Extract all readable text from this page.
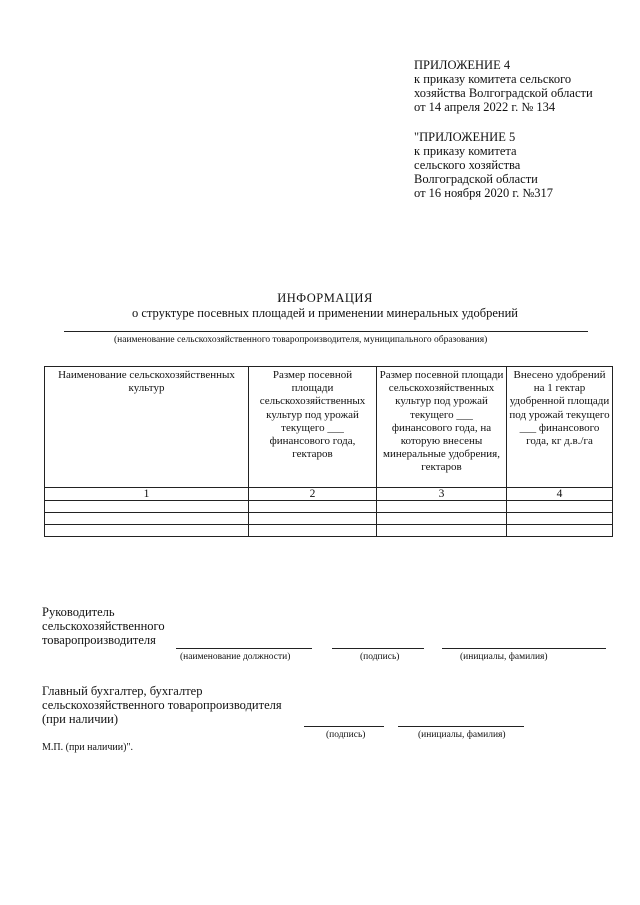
ПРИЛОЖЕНИЕ 4
к приказу комитета сельского
хозяйства Волгоградской области
от 14 апреля 2022 г. № 134
"ПРИЛОЖЕНИЕ 5
к приказу комитета
сельского хозяйства
Волгоградской области
от 16 ноября 2020 г. №317
ИНФОРМАЦИЯ
о структуре посевных площадей и применении минеральных удобрений
(наименование сельскохозяйственного товаропроизводителя, муниципального образования)
Наименование сельскохозяйственных культур	Размер посевной площади сельскохозяйственных культур под урожай текущего ___ финансового года, гектаров	Размер посевной площади сельскохозяйственных культур под урожай текущего ___ финансового года, на которую внесены минеральные удобрения, гектаров	Внесено удобрений на 1 гектар удобренной площади под урожай текущего ___ финансового года, кг д.в./га
1	2	3	4

Руководитель
сельскохозяйственного
товаропроизводителя
(наименование должности)	(подпись)	(инициалы, фамилия)
Главный бухгалтер, бухгалтер
сельскохозяйственного товаропроизводителя
(при наличии)
(подпись)	(инициалы, фамилия)
М.П. (при наличии)".
